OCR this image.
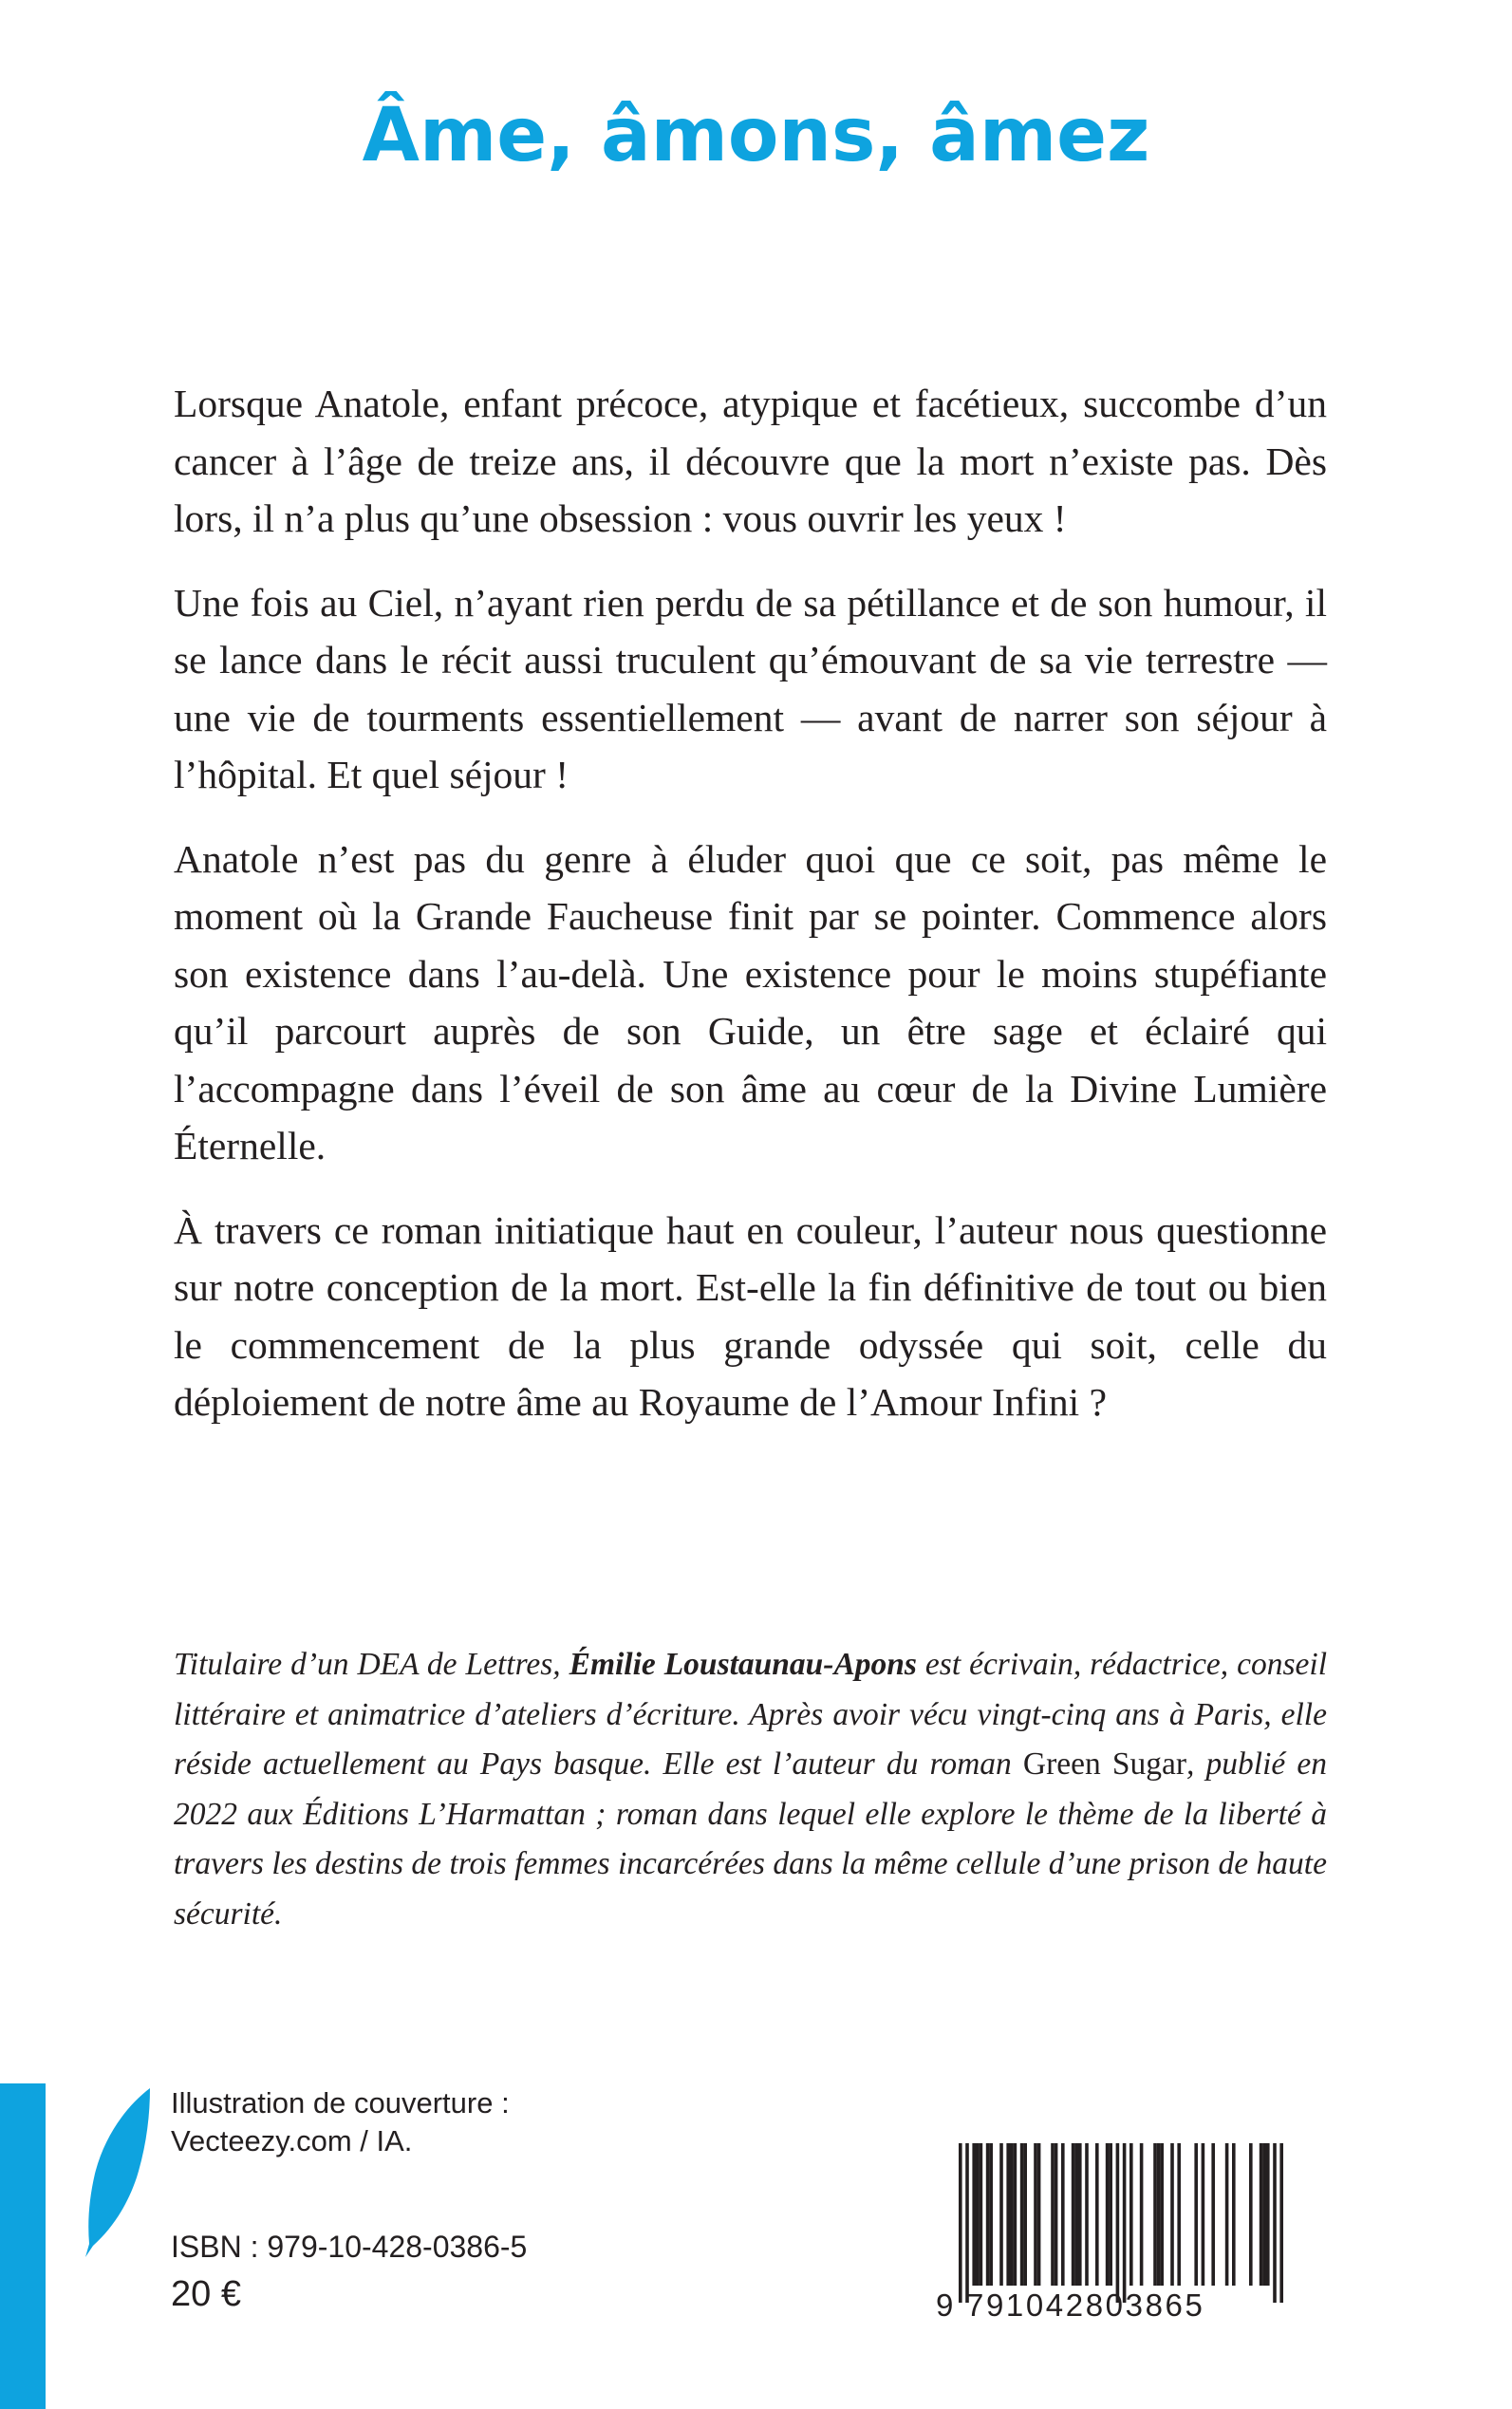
Âme, âmons, âmez

Lorsque Anatole, enfant précoce, atypique et facétieux, succombe d’un cancer à l’âge de treize ans, il découvre que la mort n’existe pas. Dès lors, il n’a plus qu’une obsession : vous ouvrir les yeux !

Une fois au Ciel, n’ayant rien perdu de sa pétillance et de son humour, il se lance dans le récit aussi truculent qu’émouvant de sa vie terrestre — une vie de tourments essentiellement — avant de narrer son séjour à l’hôpital. Et quel séjour !

Anatole n’est pas du genre à éluder quoi que ce soit, pas même le moment où la Grande Faucheuse finit par se pointer. Commence alors son existence dans l’au-delà. Une existence pour le moins stupéfiante qu’il parcourt auprès de son Guide, un être sage et éclairé qui l’accompagne dans l’éveil de son âme au cœur de la Divine Lumière Éternelle.

À travers ce roman initiatique haut en couleur, l’auteur nous questionne sur notre conception de la mort. Est-elle la fin définitive de tout ou bien le commencement de la plus grande odyssée qui soit, celle du déploiement de notre âme au Royaume de l’Amour Infini ?

Titulaire d’un DEA de Lettres, Émilie Loustaunau-Apons est écrivain, rédactrice, conseil littéraire et animatrice d’ateliers d’écriture. Après avoir vécu vingt-cinq ans à Paris, elle réside actuellement au Pays basque. Elle est l’auteur du roman Green Sugar, publié en 2022 aux Éditions L’Harmattan ; roman dans lequel elle explore le thème de la liberté à travers les destins de trois femmes incarcérées dans la même cellule d’une prison de haute sécurité.

Illustration de couverture :
Vecteezy.com / IA.
ISBN : 979-10-428-0386-5
20 €	9 791042803865
